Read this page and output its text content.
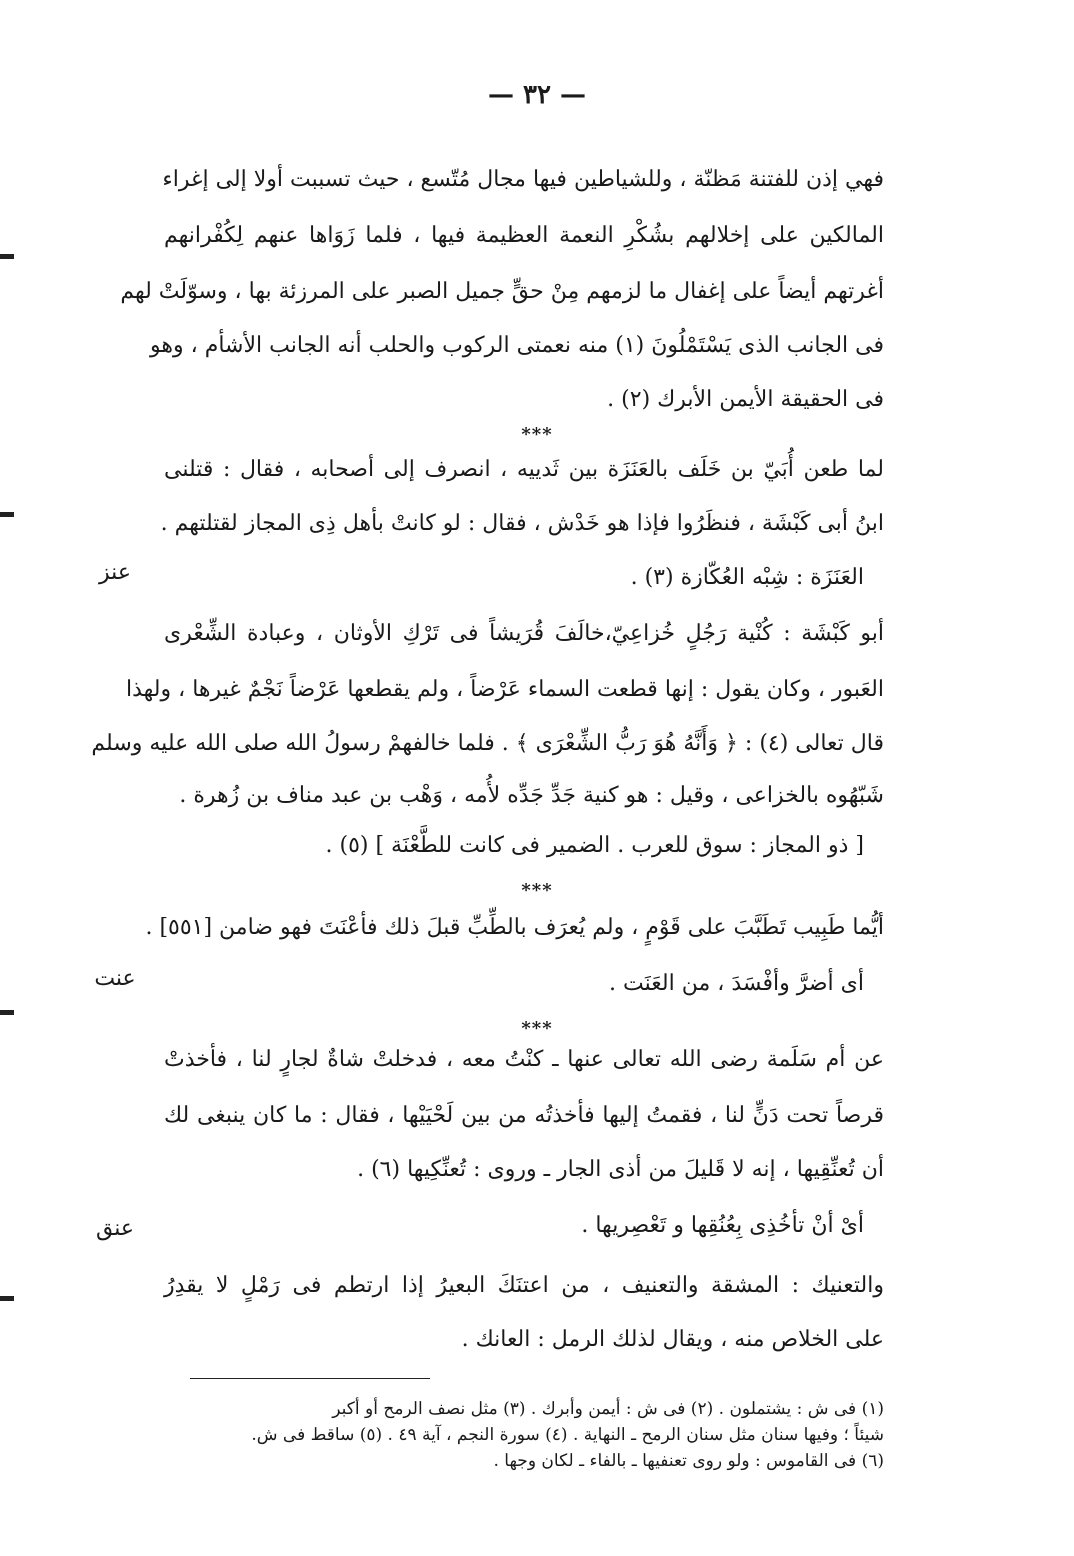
— ٣٢ —
فهي إذن للفتنة مَظنّة ، وللشياطين فيها مجال مُتّسع ، حيث تسببت أولا إلى إغراء
المالكين على إخلالهم بشُكْرِ النعمة العظيمة فيها ، فلما زَوَاها عنهم لِكُفْرانهم
أغرتهم أيضاً على إغفال ما لزمهم مِنْ حقٍّ جميل الصبر على المرزئة بها ، وسوّلَتْ لهم
فى الجانب الذى يَسْتَمْلُونَ (١) منه نعمتى الركوب والحلب أنه الجانب الأشأم ، وهو
فى الحقيقة الأيمن الأبرك (٢) .
***
لما طعن أُبَيّ بن خَلَف بالعَنَزَة بين ثَدييه ، انصرف إلى أصحابه ، فقال : قتلنى
ابنُ أبى كَبْشَة ، فنظَرُوا فإذا هو خَدْش ، فقال : لو كانتْ بأهل ذِى المجاز لقتلتهم .
العَنَزَة : شِبْه العُكّازة (٣) .
أبو كَبْشَة : كُنْية رَجُلٍ خُزاعِيّ،خالَفَ قُرَيشاً فى تَرْكِ الأوثان ، وعبادة الشِّعْرى
العَبور ، وكان يقول : إنها قطعت السماء عَرْضاً ، ولم يقطعها عَرْضاً نَجْمٌ غيرها ، ولهذا
قال تعالى (٤) : ﴿ وَأَنَّهُ هُوَ رَبُّ الشِّعْرَى ﴾ . فلما خالفهمْ رسولُ الله صلى الله عليه وسلم
شَبّهُوه بالخزاعى ، وقيل : هو كنية جَدِّ جَدِّه لأُمه ، وَهْب بن عبد مناف بن زُهرة .
[ ذو المجاز : سوق للعرب . الضمير فى كانت للطَّعْنَة ] (٥) .
عنز
***
أيُّما طَبِيب تَطَبَّبَ على قَوْمٍ ، ولم يُعرَف بالطِّبِّ قبلَ ذلك فأعْنَتَ فهو ضامن [٥٥١] .
أى أضرَّ وأفْسَدَ ، من العَنَت .
عنت
***
عن أم سَلَمة رضى الله تعالى عنها ـ كنْتُ معه ، فدخلتْ شاةٌ لجارٍ لنا ، فأخذتْ
قرصاً تحت دَنٍّ لنا ، فقمتُ إليها فأخذتُه من بين لَحْيَيْها ، فقال : ما كان ينبغى لك
أن تُعنِّقِيها ، إنه لا قَليلَ من أذى الجار ـ وروى : تُعنِّكِيها (٦) .
أىْ أنْ تأخُذِى بِعُنُقِها و تَعْصِريها .
والتعنيك : المشقة والتعنيف ، من اعتنَكَ البعيرُ إذا ارتطم فى رَمْلٍ لا يقدِرُ
على الخلاص منه ، ويقال لذلك الرمل : العانك .
عنق
(١) فى ش : يشتملون . (٢) فى ش : أيمن وأبرك . (٣) مثل نصف الرمح أو أكبر
شيئاً ؛ وفيها سنان مثل سنان الرمح ـ النهاية . (٤) سورة النجم ، آية ٤٩ . (٥) ساقط فى ش.
(٦) فى القاموس : ولو روى تعنفيها ـ بالفاء ـ لكان وجها .
